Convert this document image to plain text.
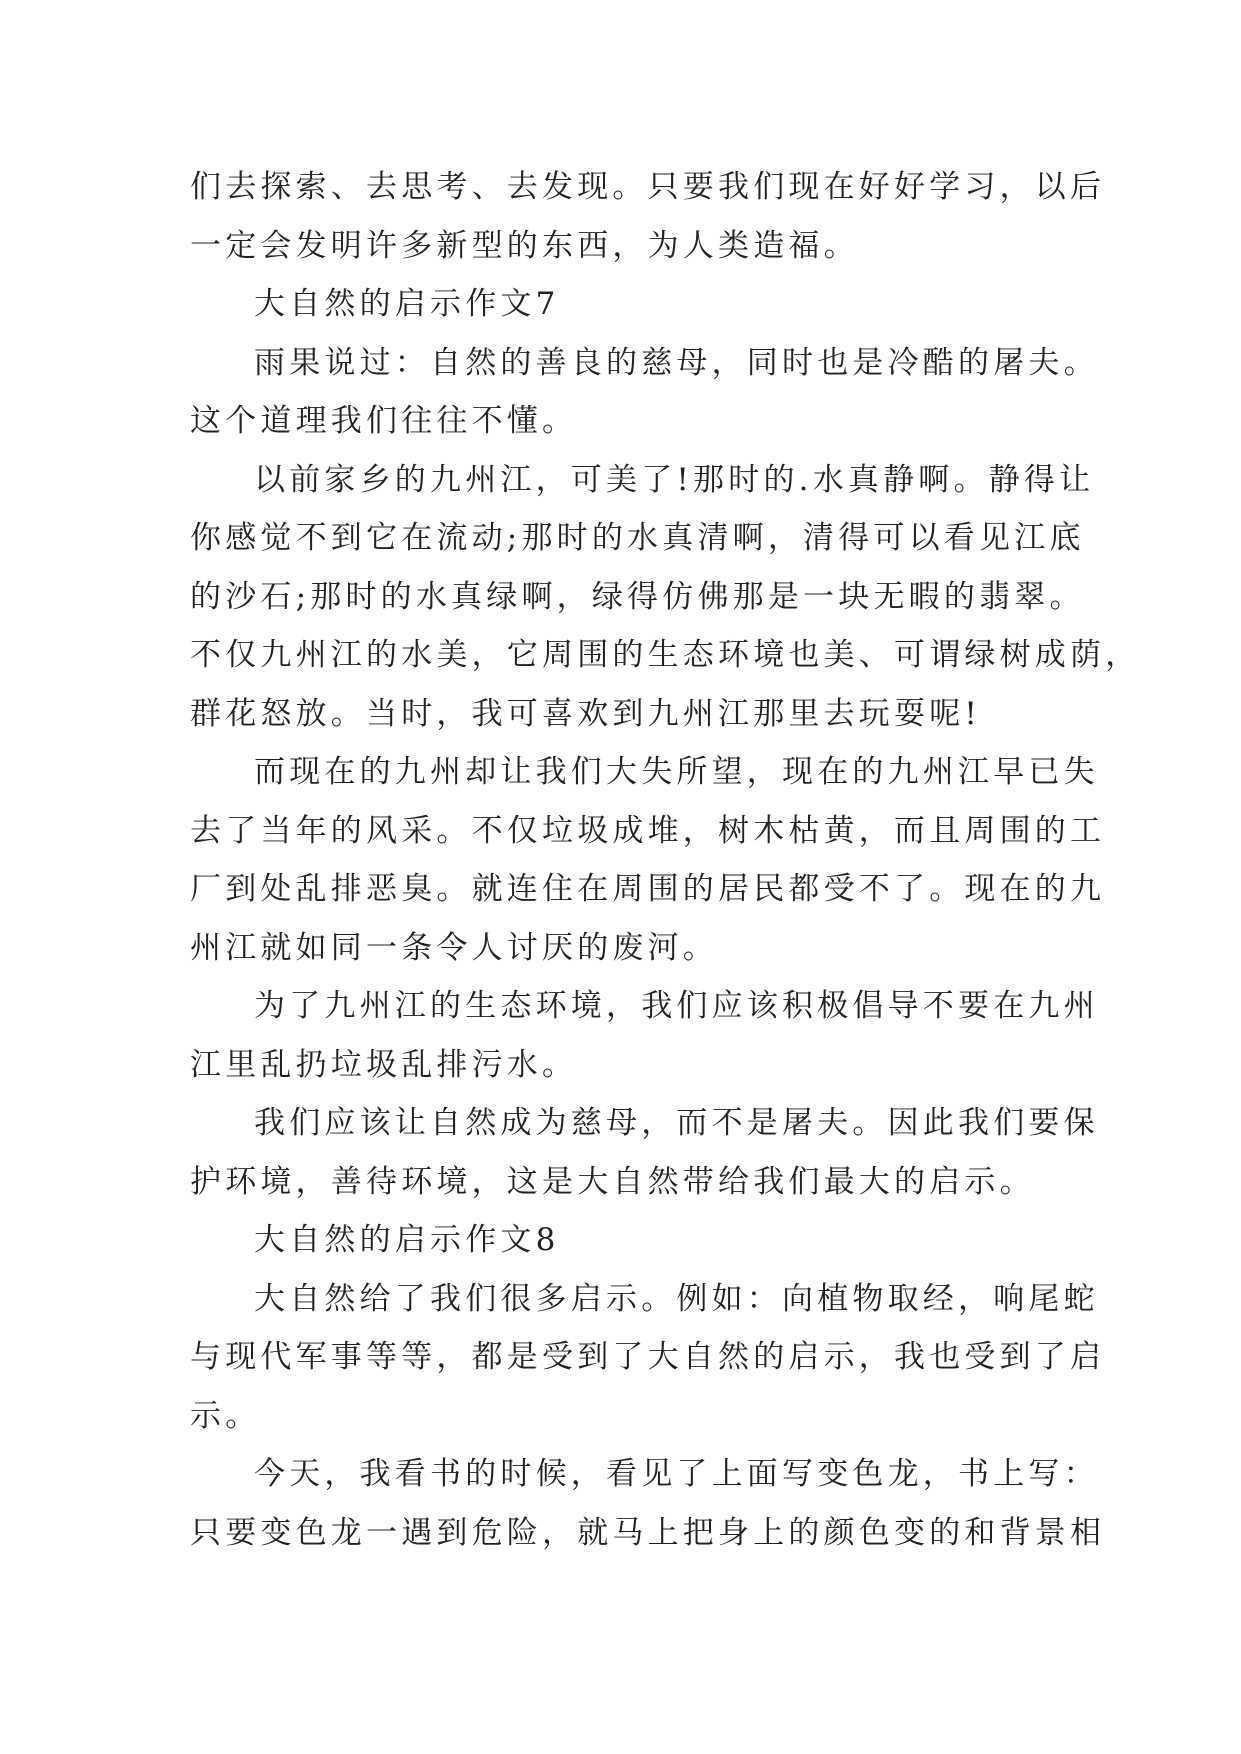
们去探索、去思考、去发现。只要我们现在好好学习，以后
一定会发明许多新型的东西，为人类造福。
大自然的启示作文7
雨果说过：自然的善良的慈母，同时也是冷酷的屠夫。
这个道理我们往往不懂。
以前家乡的九州江，可美了!那时的.水真静啊。静得让
你感觉不到它在流动;那时的水真清啊，清得可以看见江底
的沙石;那时的水真绿啊，绿得仿佛那是一块无暇的翡翠。
不仅九州江的水美，它周围的生态环境也美、可谓绿树成荫，
群花怒放。当时，我可喜欢到九州江那里去玩耍呢!
而现在的九州却让我们大失所望，现在的九州江早已失
去了当年的风采。不仅垃圾成堆，树木枯黄，而且周围的工
厂到处乱排恶臭。就连住在周围的居民都受不了。现在的九
州江就如同一条令人讨厌的废河。
为了九州江的生态环境，我们应该积极倡导不要在九州
江里乱扔垃圾乱排污水。
我们应该让自然成为慈母，而不是屠夫。因此我们要保
护环境，善待环境，这是大自然带给我们最大的启示。
大自然的启示作文8
大自然给了我们很多启示。例如：向植物取经，响尾蛇
与现代军事等等，都是受到了大自然的启示，我也受到了启
示。
今天，我看书的时候，看见了上面写变色龙，书上写：
只要变色龙一遇到危险，就马上把身上的颜色变的和背景相
